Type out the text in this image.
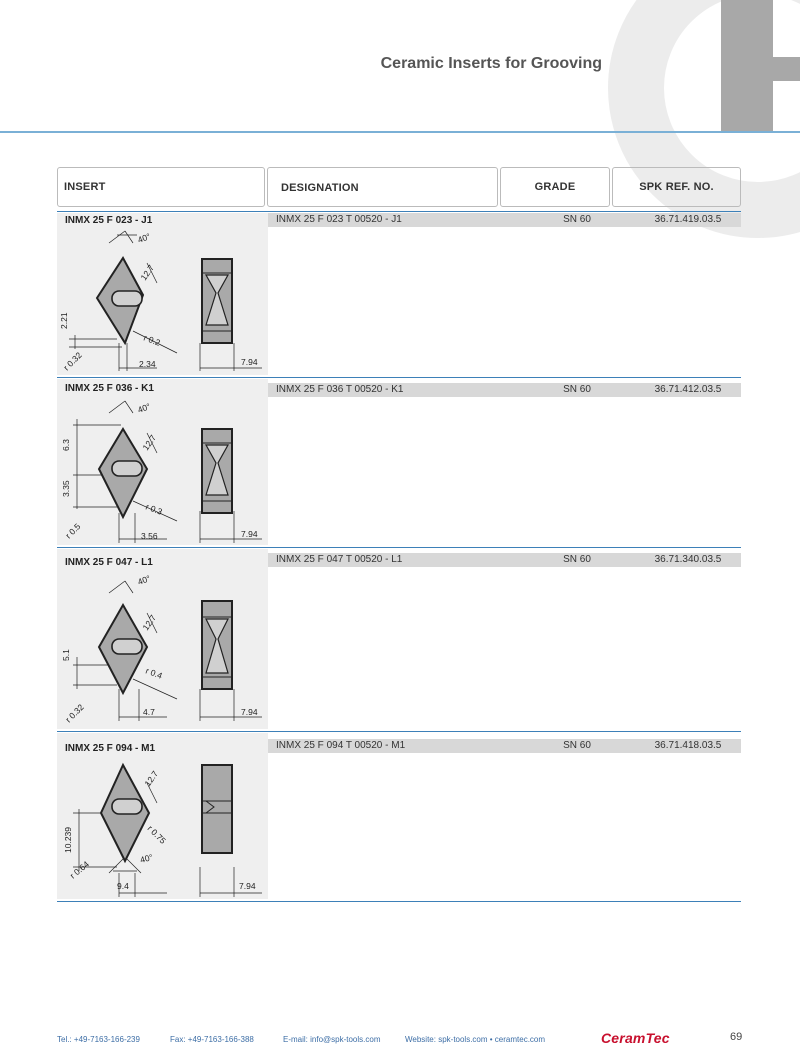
Ceramic Inserts for Grooving
INSERT	DESIGNATION	GRADE	SPK REF. NO.
INMX 25 F 023 - J1	INMX 25 F 023 T 00520 - J1	SN 60	36.71.419.03.5
40°
12.7
2.21
r 0.2
r 0.32	2.34	7.94
INMX 25 F 036 - K1	INMX 25 F 036 T 00520 - K1	SN 60	36.71.412.03.5
40°
12.7
6.3
3.35
r 0.3
r 0.5	3.56	7.94
INMX 25 F 047 - L1	INMX 25 F 047 T 00520 - L1	SN 60	36.71.340.03.5
40°
12.7
5.1
r 0.4
r 0.32	4.7	7.94
INMX 25 F 094 - M1	INMX 25 F 094 T 00520 - M1	SN 60	36.71.418.03.5
12.7
r 0.75
10.239
40°
r 0.64
9.4	7.94
Tel.: +49-7163-166-239	Fax: +49-7163-166-388	E-mail: info@spk-tools.com	Website: spk-tools.com • ceramtec.com	CeramTec	69
